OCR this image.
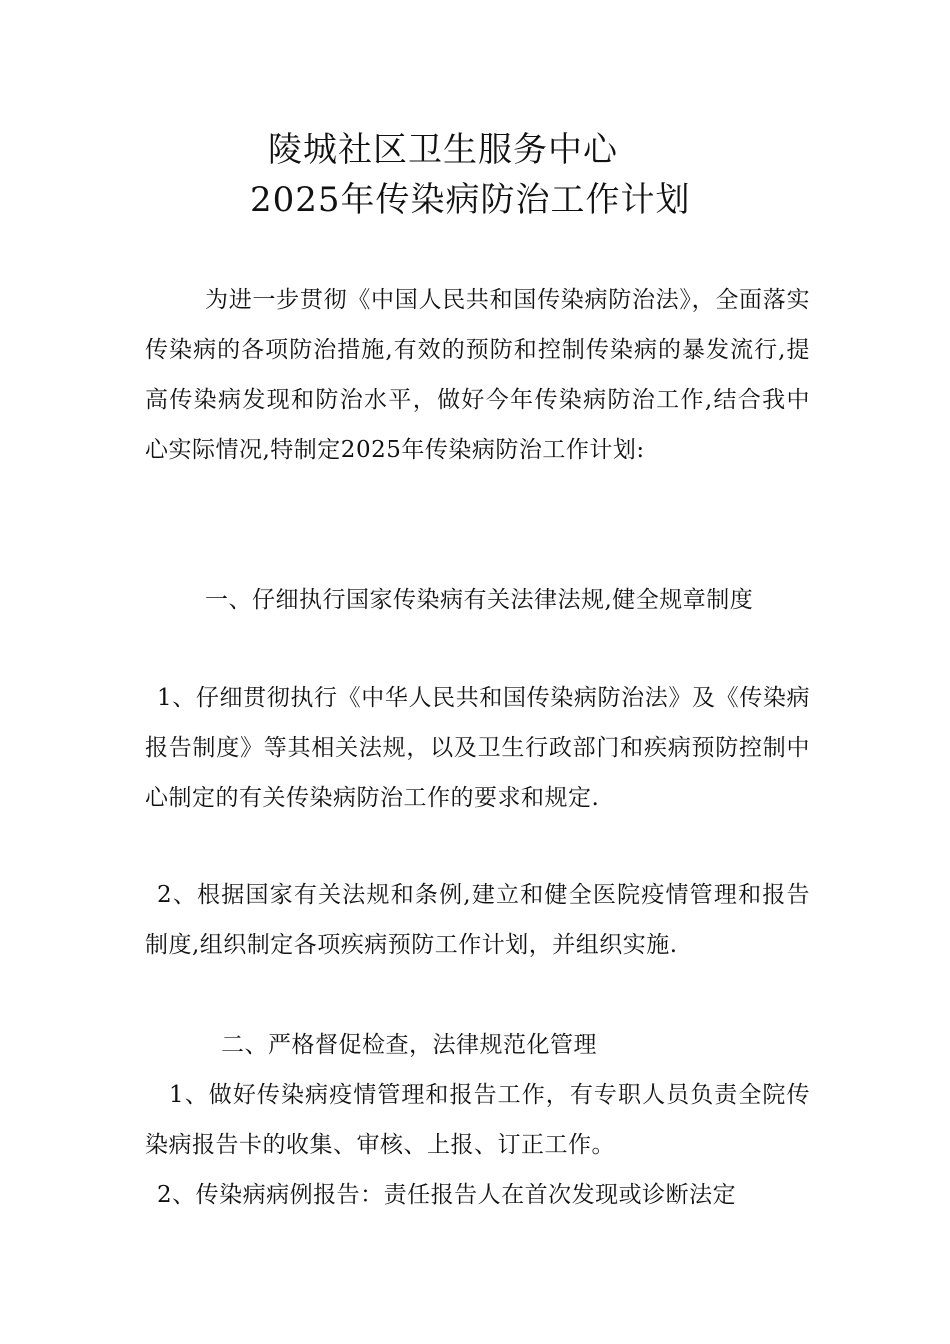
陵城社区卫生服务中心
2025年传染病防治工作计划

为进一步贯彻《中国人民共和国传染病防治法》，全面落实传染病的各项防治措施,有效的预防和控制传染病的暴发流行,提高传染病发现和防治水平，做好今年传染病防治工作,结合我中心实际情况,特制定2025年传染病防治工作计划:

一、仔细执行国家传染病有关法律法规,健全规章制度

1、仔细贯彻执行《中华人民共和国传染病防治法》及《传染病报告制度》等其相关法规，以及卫生行政部门和疾病预防控制中心制定的有关传染病防治工作的要求和规定.

2、根据国家有关法规和条例,建立和健全医院疫情管理和报告制度,组织制定各项疾病预防工作计划，并组织实施.

二、严格督促检查，法律规范化管理

1、做好传染病疫情管理和报告工作，有专职人员负责全院传染病报告卡的收集、审核、上报、订正工作。

2、传染病病例报告：责任报告人在首次发现或诊断法定
